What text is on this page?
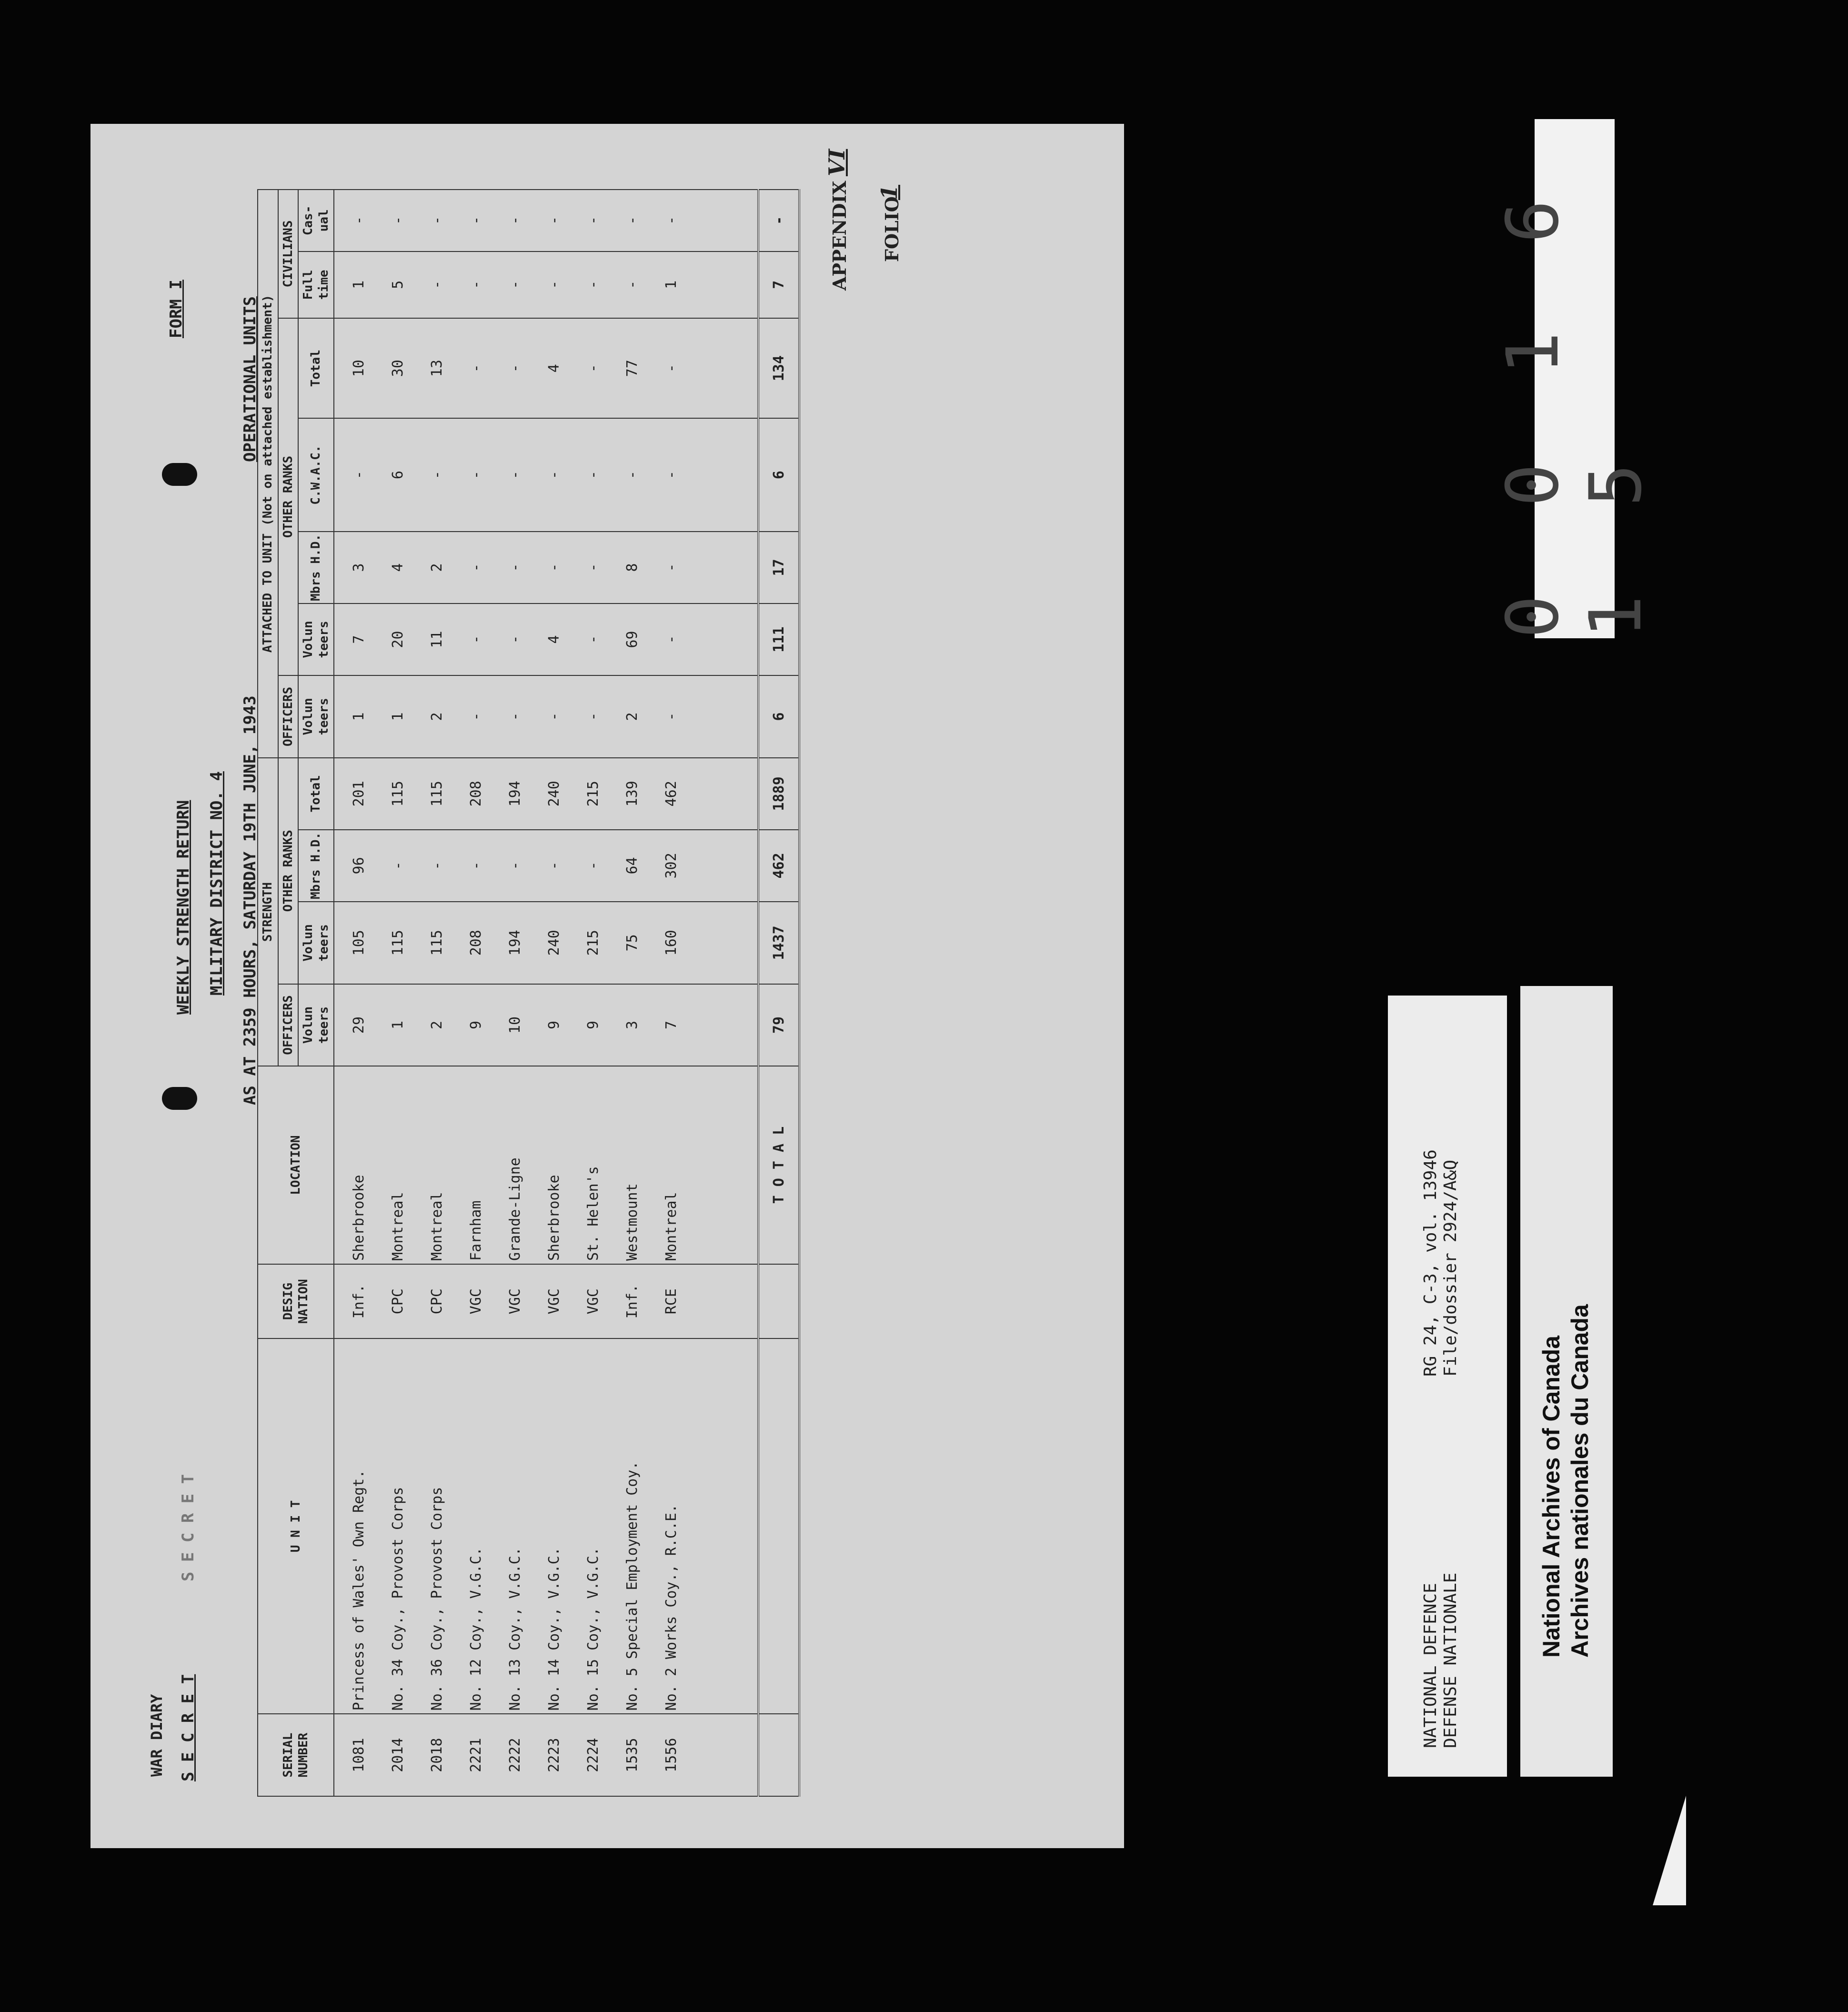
WAR DIARY S E C R E T
S E C R E T
WEEKLY STRENGTH RETURN MILITARY DISTRICT NO. 4 AS AT 2359 HOURS, SATURDAY 19TH JUNE, 1943
OPERATIONAL UNITS
FORM I
APPENDIX
VI
FOLIO
1
SERIAL NUMBER	U N I T	DESIG NATION	LOCATION	STRENGTH				ATTACHED TO UNIT (Not on attached establishment)						
				OFFICERS	OTHER RANKS			OFFICERS	OTHER RANKS				CIVILIANS	
				Volun teers	Volun teers	Mbrs H.D.	Total	Volun teers	Volun teers	Mbrs H.D.	C.W.A.C.	Total	Full time	Cas- ual
1081	Princess of Wales' Own Regt.	Inf.	Sherbrooke	29	105	96	201	1	7	3	-	10	1	-
2014	No. 34 Coy., Provost Corps	CPC	Montreal	1	115	-	115	1	20	4	6	30	5	-
2018	No. 36 Coy., Provost Corps	CPC	Montreal	2	115	-	115	2	11	2	-	13	-	-
2221	No. 12 Coy., V.G.C.	VGC	Farnham	9	208	-	208	-	-	-	-	-	-	-
2222	No. 13 Coy., V.G.C.	VGC	Grande-Ligne	10	194	-	194	-	-	-	-	-	-	-
2223	No. 14 Coy., V.G.C.	VGC	Sherbrooke	9	240	-	240	-	4	-	-	4	-	-
2224	No. 15 Coy., V.G.C.	VGC	St. Helen's	9	215	-	215	-	-	-	-	-	-	-
1535	No. 5 Special Employment Coy.	Inf.	Westmount	3	75	64	139	2	69	8	-	77	-	-
1556	No. 2 Works Coy., R.C.E.	RCE	Montreal	7	160	302	462	-	-	-	-	-	1	-

			T O T A L	79	1437	462	1889	6	111	17	6	134	7	-	0 0 1 6 1 5
NATIONAL DEFENCE DEFENSE NATIONALE
RG 24, C-3, vol. 13946 File/dossier 2924/A&Q
National Archives of Canada Archives nationales du Canada
